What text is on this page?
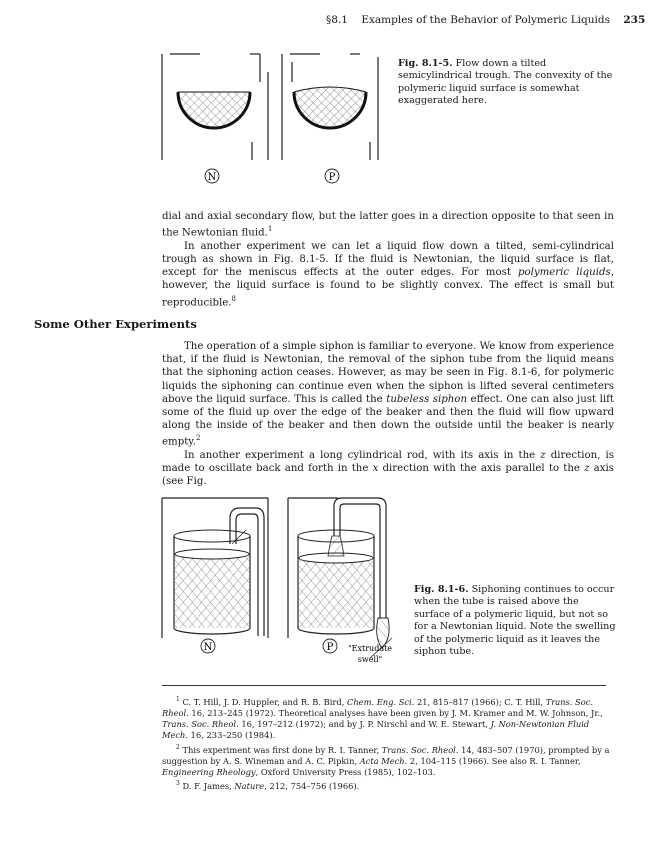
§8.1 Examples of the Behavior of Polymeric Liquids 235
N	P
Fig. 8.1-5. Flow down a tilted semicylindrical trough. The convexity of the polymeric liquid surface is somewhat exaggerated here.

dial and axial secondary flow, but the latter goes in a direction opposite to that seen in the Newtonian fluid.$^1$

In another experiment we can let a liquid flow down a tilted, semi-cylindrical trough as shown in Fig. 8.1-5. If the fluid is Newtonian, the liquid surface is flat, except for the meniscus effects at the outer edges. For most polymeric liquids, however, the liquid surface is found to be slightly convex. The effect is small but reproducible.$^8$

Some Other Experiments

The operation of a simple siphon is familiar to everyone. We know from experience that, if the fluid is Newtonian, the removal of the siphon tube from the liquid means that the siphoning action ceases. However, as may be seen in Fig. 8.1-6, for polymeric liquids the siphoning can continue even when the siphon is lifted several centimeters above the liquid surface. This is called the tubeless siphon effect. One can also just lift some of the fluid up over the edge of the beaker and then the fluid will flow upward along the inside of the beaker and then down the outside until the beaker is nearly empty.$^2$

In another experiment a long cylindrical rod, with its axis in the z direction, is made to oscillate back and forth in the x direction with the axis parallel to the z axis (see Fig.

N	P "Extrudate
swell"
Fig. 8.1-6. Siphoning continues to occur when the tube is raised above the surface of a polymeric liquid, but not so for a Newtonian liquid. Note the swelling of the polymeric liquid as it leaves the siphon tube.

$^1$ C. T. Hill, J. D. Huppler, and R. B. Bird, Chem. Eng. Sci. 21, 815–817 (1966); C. T. Hill, Trans. Soc. Rheol. 16, 213–245 (1972). Theoretical analyses have been given by J. M. Kramer and M. W. Johnson, Jr., Trans. Soc. Rheol. 16, 197–212 (1972); and by J. P. Nirschl and W. E. Stewart, J. Non-Newtonian Fluid Mech. 16, 233–250 (1984).

$^2$ This experiment was first done by R. I. Tanner, Trans. Soc. Rheol. 14, 483–507 (1970), prompted by a suggestion by A. S. Wineman and A. C. Pipkin, Acta Mech. 2, 104–115 (1966). See also R. I. Tanner, Engineering Rheology, Oxford University Press (1985), 102–103.

$^3$ D. F. James, Nature, 212, 754–756 (1966).
